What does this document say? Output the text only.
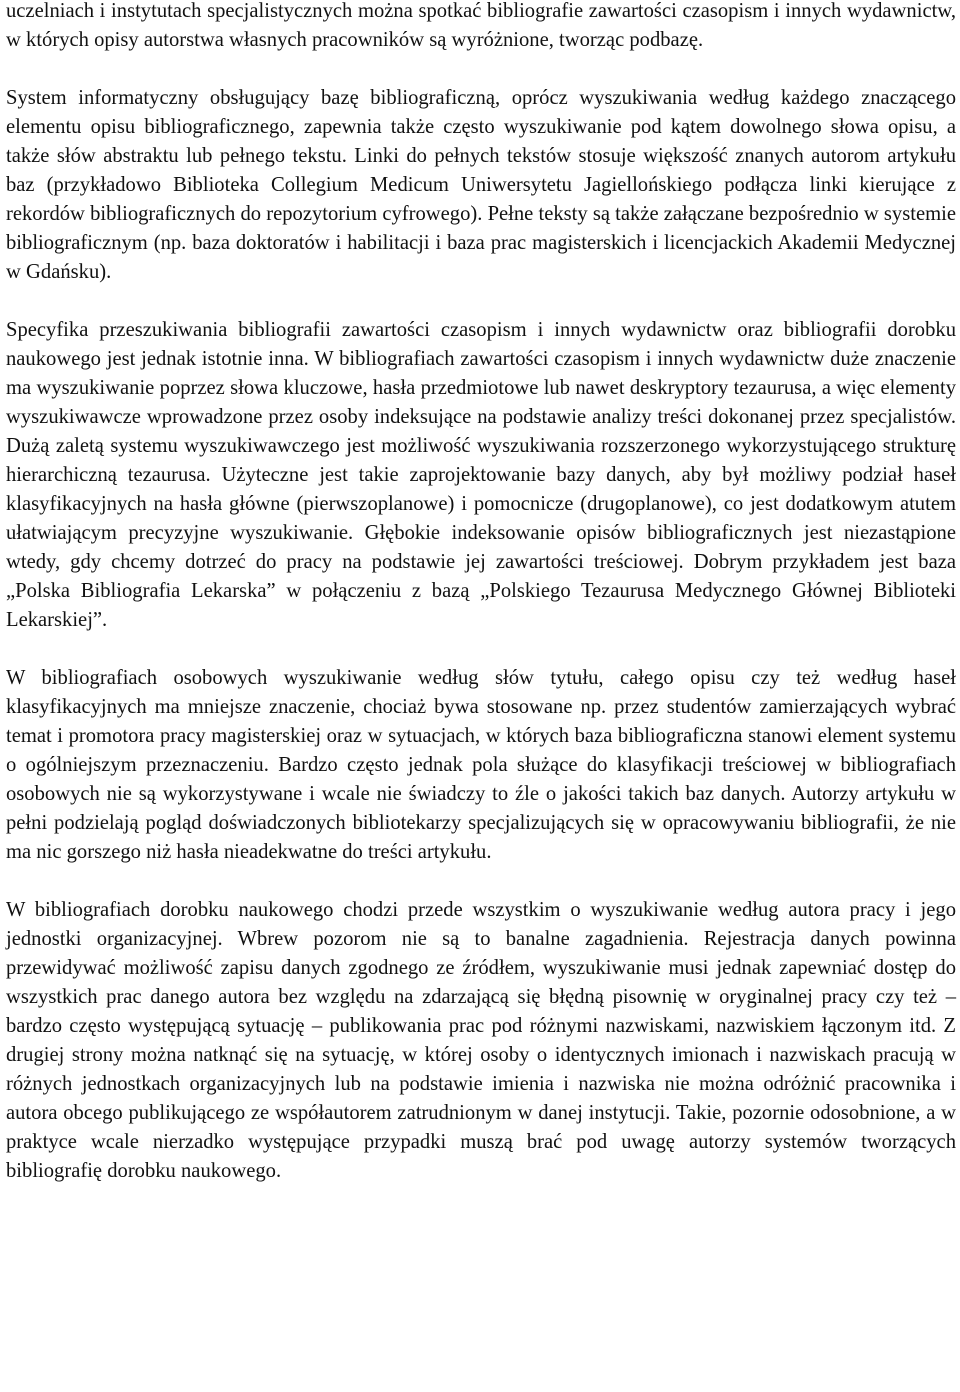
uczelniach i instytutach specjalistycznych można spotkać bibliografie zawartości czasopism i innych wydawnictw, w których opisy autorstwa własnych pracowników są wyróżnione, tworząc podbazę.

System informatyczny obsługujący bazę bibliograficzną, oprócz wyszukiwania według każdego znaczącego elementu opisu bibliograficznego, zapewnia także często wyszukiwanie pod kątem dowolnego słowa opisu, a także słów abstraktu lub pełnego tekstu. Linki do pełnych tekstów stosuje większość znanych autorom artykułu baz (przykładowo Biblioteka Collegium Medicum Uniwersytetu Jagiellońskiego podłącza linki kierujące z rekordów bibliograficznych do repozytorium cyfrowego). Pełne teksty są także załączane bezpośrednio w systemie bibliograficznym (np. baza doktoratów i habilitacji i baza prac magisterskich i licencjackich Akademii Medycznej w Gdańsku).

Specyfika przeszukiwania bibliografii zawartości czasopism i innych wydawnictw oraz bibliografii dorobku naukowego jest jednak istotnie inna. W bibliografiach zawartości czasopism i innych wydawnictw duże znaczenie ma wyszukiwanie poprzez słowa kluczowe, hasła przedmiotowe lub nawet deskryptory tezaurusa, a więc elementy wyszukiwawcze wprowadzone przez osoby indeksujące na podstawie analizy treści dokonanej przez specjalistów. Dużą zaletą systemu wyszukiwawczego jest możliwość wyszukiwania rozszerzonego wykorzystującego strukturę hierarchiczną tezaurusa. Użyteczne jest takie zaprojektowanie bazy danych, aby był możliwy podział haseł klasyfikacyjnych na hasła główne (pierwszoplanowe) i pomocnicze (drugoplanowe), co jest dodatkowym atutem ułatwiającym precyzyjne wyszukiwanie. Głębokie indeksowanie opisów bibliograficznych jest niezastąpione wtedy, gdy chcemy dotrzeć do pracy na podstawie jej zawartości treściowej. Dobrym przykładem jest baza „Polska Bibliografia Lekarska” w połączeniu z bazą „Polskiego Tezaurusa Medycznego Głównej Biblioteki Lekarskiej”.

W bibliografiach osobowych wyszukiwanie według słów tytułu, całego opisu czy też według haseł klasyfikacyjnych ma mniejsze znaczenie, chociaż bywa stosowane np. przez studentów zamierzających wybrać temat i promotora pracy magisterskiej oraz w sytuacjach, w których baza bibliograficzna stanowi element systemu o ogólniejszym przeznaczeniu. Bardzo często jednak pola służące do klasyfikacji treściowej w bibliografiach osobowych nie są wykorzystywane i wcale nie świadczy to źle o jakości takich baz danych. Autorzy artykułu w pełni podzielają pogląd doświadczonych bibliotekarzy specjalizujących się w opracowywaniu bibliografii, że nie ma nic gorszego niż hasła nieadekwatne do treści artykułu.

W bibliografiach dorobku naukowego chodzi przede wszystkim o wyszukiwanie według autora pracy i jego jednostki organizacyjnej. Wbrew pozorom nie są to banalne zagadnienia. Rejestracja danych powinna przewidywać możliwość zapisu danych zgodnego ze źródłem, wyszukiwanie musi jednak zapewniać dostęp do wszystkich prac danego autora bez względu na zdarzającą się błędną pisownię w oryginalnej pracy czy też – bardzo często występującą sytuację – publikowania prac pod różnymi nazwiskami, nazwiskiem łączonym itd. Z drugiej strony można natknąć się na sytuację, w której osoby o identycznych imionach i nazwiskach pracują w różnych jednostkach organizacyjnych lub na podstawie imienia i nazwiska nie można odróżnić pracownika i autora obcego publikującego ze współautorem zatrudnionym w danej instytucji. Takie, pozornie odosobnione, a w praktyce wcale nierzadko występujące przypadki muszą brać pod uwagę autorzy systemów tworzących bibliografię dorobku naukowego.
